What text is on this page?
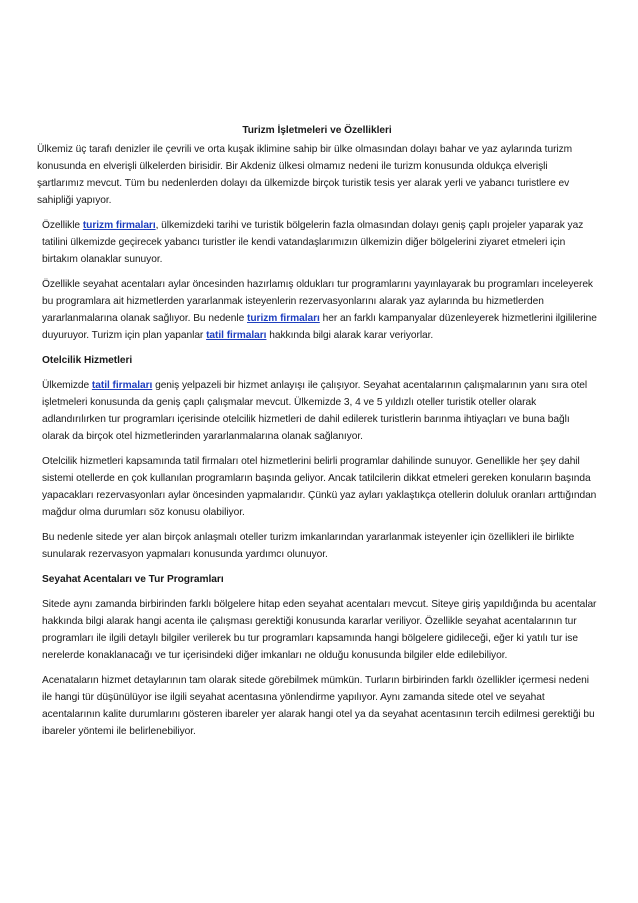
Turizm İşletmeleri ve Özellikleri

Ülkemiz üç tarafı denizler ile çevrili ve orta kuşak iklimine sahip bir ülke olmasından dolayı bahar ve yaz aylarında turizm konusunda en elverişli ülkelerden birisidir. Bir Akdeniz ülkesi olmamız nedeni ile turizm konusunda oldukça elverişli şartlarımız mevcut. Tüm bu nedenlerden dolayı da ülkemizde birçok turistik tesis yer alarak yerli ve yabancı turistlere ev sahipliği yapıyor.

Özellikle turizm firmaları, ülkemizdeki tarihi ve turistik bölgelerin fazla olmasından dolayı geniş çaplı projeler yaparak yaz tatilini ülkemizde geçirecek yabancı turistler ile kendi vatandaşlarımızın ülkemizin diğer bölgelerini ziyaret etmeleri için birtakım olanaklar sunuyor.

Özellikle seyahat acentaları aylar öncesinden hazırlamış oldukları tur programlarını yayınlayarak bu programları inceleyerek bu programlara ait hizmetlerden yararlanmak isteyenlerin rezervasyonlarını alarak yaz aylarında bu hizmetlerden yararlanmalarına olanak sağlıyor. Bu nedenle turizm firmaları her an farklı kampanyalar düzenleyerek hizmetlerini ilgililerine duyuruyor. Turizm için plan yapanlar tatil firmaları hakkında bilgi alarak karar veriyorlar.

Otelcilik Hizmetleri

Ülkemizde tatil firmaları geniş yelpazeli bir hizmet anlayışı ile çalışıyor. Seyahat acentalarının çalışmalarının yanı sıra otel işletmeleri konusunda da geniş çaplı çalışmalar mevcut. Ülkemizde 3, 4 ve 5 yıldızlı oteller turistik oteller olarak adlandırılırken tur programları içerisinde otelcilik hizmetleri de dahil edilerek turistlerin barınma ihtiyaçları ve buna bağlı olarak da birçok otel hizmetlerinden yararlanmalarına olanak sağlanıyor.

Otelcilik hizmetleri kapsamında tatil firmaları otel hizmetlerini belirli programlar dahilinde sunuyor. Genellikle her şey dahil sistemi otellerde en çok kullanılan programların başında geliyor. Ancak tatilcilerin dikkat etmeleri gereken konuların başında yapacakları rezervasyonları aylar öncesinden yapmalarıdır. Çünkü yaz ayları yaklaştıkça otellerin doluluk oranları arttığından mağdur olma durumları söz konusu olabiliyor.

Bu nedenle sitede yer alan birçok anlaşmalı oteller turizm imkanlarından yararlanmak isteyenler için özellikleri ile birlikte sunularak rezervasyon yapmaları konusunda yardımcı olunuyor.

Seyahat Acentaları ve Tur Programları

Sitede aynı zamanda birbirinden farklı bölgelere hitap eden seyahat acentaları mevcut. Siteye giriş yapıldığında bu acentalar hakkında bilgi alarak hangi acenta ile çalışması gerektiği konusunda kararlar veriliyor. Özellikle seyahat acentalarının tur programları ile ilgili detaylı bilgiler verilerek bu tur programları kapsamında hangi bölgelere gidileceği, eğer ki yatılı tur ise nerelerde konaklanacağı ve tur içerisindeki diğer imkanları ne olduğu konusunda bilgiler elde edilebiliyor.

Acenataların hizmet detaylarının tam olarak sitede görebilmek mümkün. Turların birbirinden farklı özellikler içermesi nedeni ile hangi tür düşünülüyor ise ilgili seyahat acentasına yönlendirme yapılıyor. Aynı zamanda sitede otel ve seyahat acentalarının kalite durumlarını gösteren ibareler yer alarak hangi otel ya da seyahat acentasının tercih edilmesi gerektiği bu ibareler yöntemi ile belirlenebiliyor.
